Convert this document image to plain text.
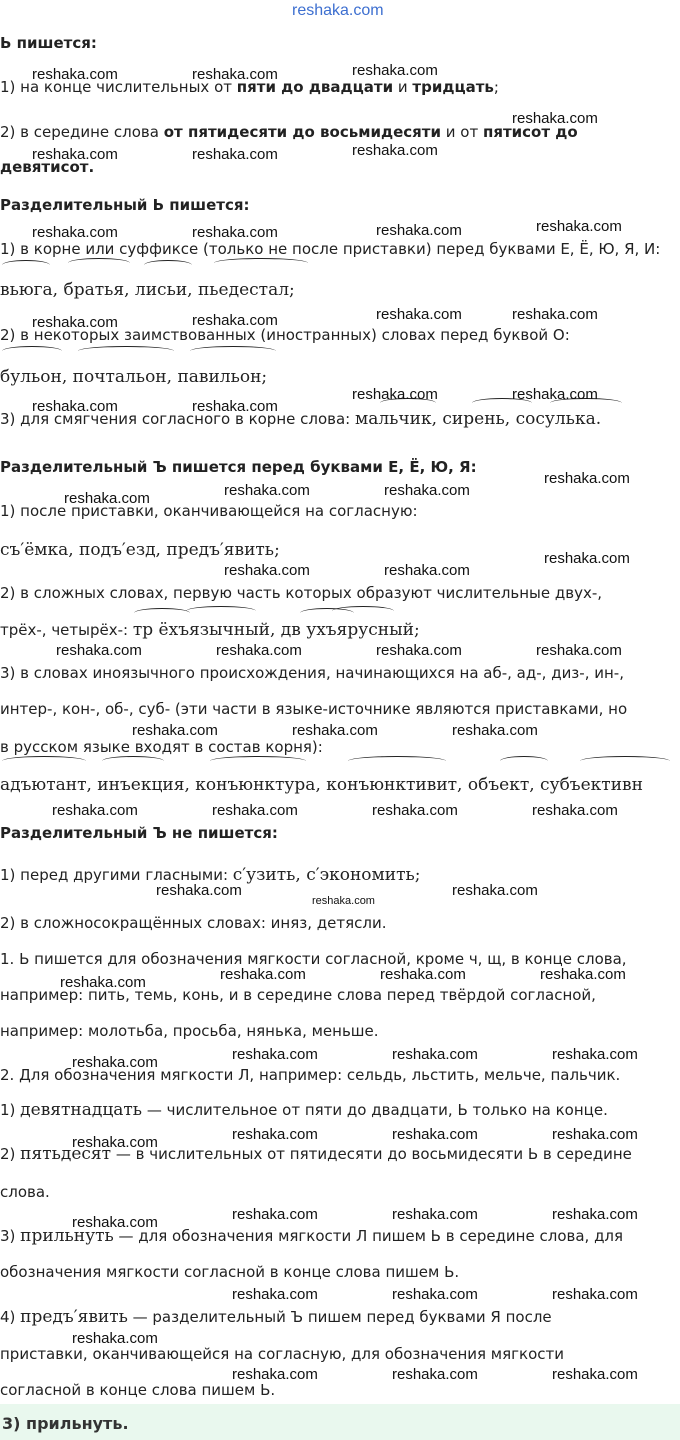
Ь пишется:
1) на конце числительных от пяти до двадцати и тридцать;
2) в середине слова от пятидесяти до восьмидесяти и от пятисот до
девятисот.
Разделительный Ь пишется:
1) в корне или суффиксе (только не после приставки) перед буквами Е, Ё, Ю, Я, И:
вьюга, братья, лисьи, пьедестал;
2) в некоторых заимствованных (иностранных) словах перед буквой О:
бульон, почтальон, павильон;
3) для смягчения согласного в корне слова: мальчик, сирень, сосулька.
Разделительный Ъ пишется перед буквами Е, Ё, Ю, Я:
1) после приставки, оканчивающейся на согласную:
съ′ёмка, подъ′езд, предъ′явить;
2) в сложных словах, первую часть которых образуют числительные двух-,
трёх-, четырёх-: тр ёхъязычный, дв ухъярусный;
3) в словах иноязычного происхождения, начинающихся на аб-, ад-, диз-, ин-,
интер-, кон-, об-, суб- (эти части в языке-источнике являются приставками, но
в русском языке входят в состав корня):
адъютант, инъекция, конъюнктура, конъюнктивит, объект, субъективн
Разделительный Ъ не пишется:
1) перед другими гласными: с′узить, с′экономить;
2) в сложносокращённых словах: иняз, детясли.
1. Ь пишется для обозначения мягкости согласной, кроме ч, щ, в конце слова,
например: пить, темь, конь, и в середине слова перед твёрдой согласной,
например: молотьба, просьба, нянька, меньше.
2. Для обозначения мягкости Л, например: сельдь, льстить, мельче, пальчик.
1) девятнадцать — числительное от пяти до двадцати, Ь только на конце.
2) пятьдесят — в числительных от пятидесяти до восьмидесяти Ь в середине
слова.
3) прильнуть — для обозначения мягкости Л пишем Ь в середине слова, для
обозначения мягкости согласной в конце слова пишем Ь.
4) предъ′явить — разделительный Ъ пишем перед буквами Я после
приставки, оканчивающейся на согласную, для обозначения мягкости
согласной в конце слова пишем Ь.
reshaka.com
reshaka.com	reshaka.com	reshaka.com
reshaka.com
reshaka.com	reshaka.com	reshaka.com
reshaka.com	reshaka.com	reshaka.com	reshaka.com
reshaka.com	reshaka.com	reshaka.com	reshaka.com
reshaka.com	reshaka.com
reshaka.com	reshaka.com
reshaka.com	reshaka.com	reshaka.com
reshaka.com
reshaka.com	reshaka.com
reshaka.com
reshaka.com	reshaka.com	reshaka.com	reshaka.com
reshaka.com	reshaka.com	reshaka.com
reshaka.com	reshaka.com	reshaka.com	reshaka.com
reshaka.com	reshaka.com
reshaka.com
reshaka.com	reshaka.com	reshaka.com	reshaka.com
reshaka.com	reshaka.com	reshaka.com	reshaka.com
reshaka.com	reshaka.com	reshaka.com	reshaka.com
reshaka.com	reshaka.com	reshaka.com	reshaka.com
reshaka.com
reshaka.com	reshaka.com	reshaka.com
reshaka.com	reshaka.com	reshaka.com
3) прильнуть.
